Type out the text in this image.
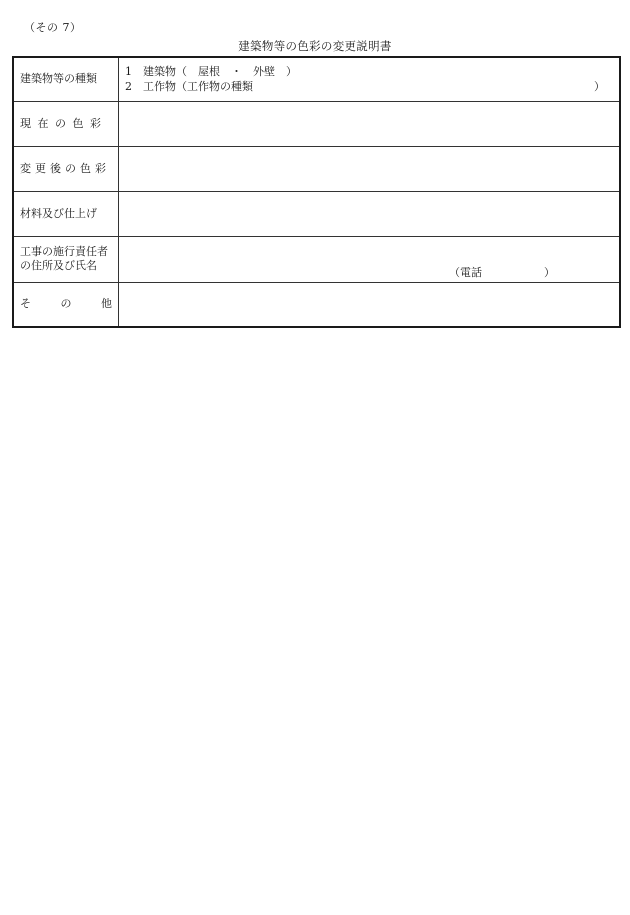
（その 7）
建築物等の色彩の変更説明書
建築物等の種類	1 建築物（　屋根　・　外壁　）
2 工作物（工作物の種類 ）

現在の色彩	
変更後の色彩	
材料及び仕上げ	
工事の施行責任者の住所及び氏名	（電話 ）

そ の 他	
